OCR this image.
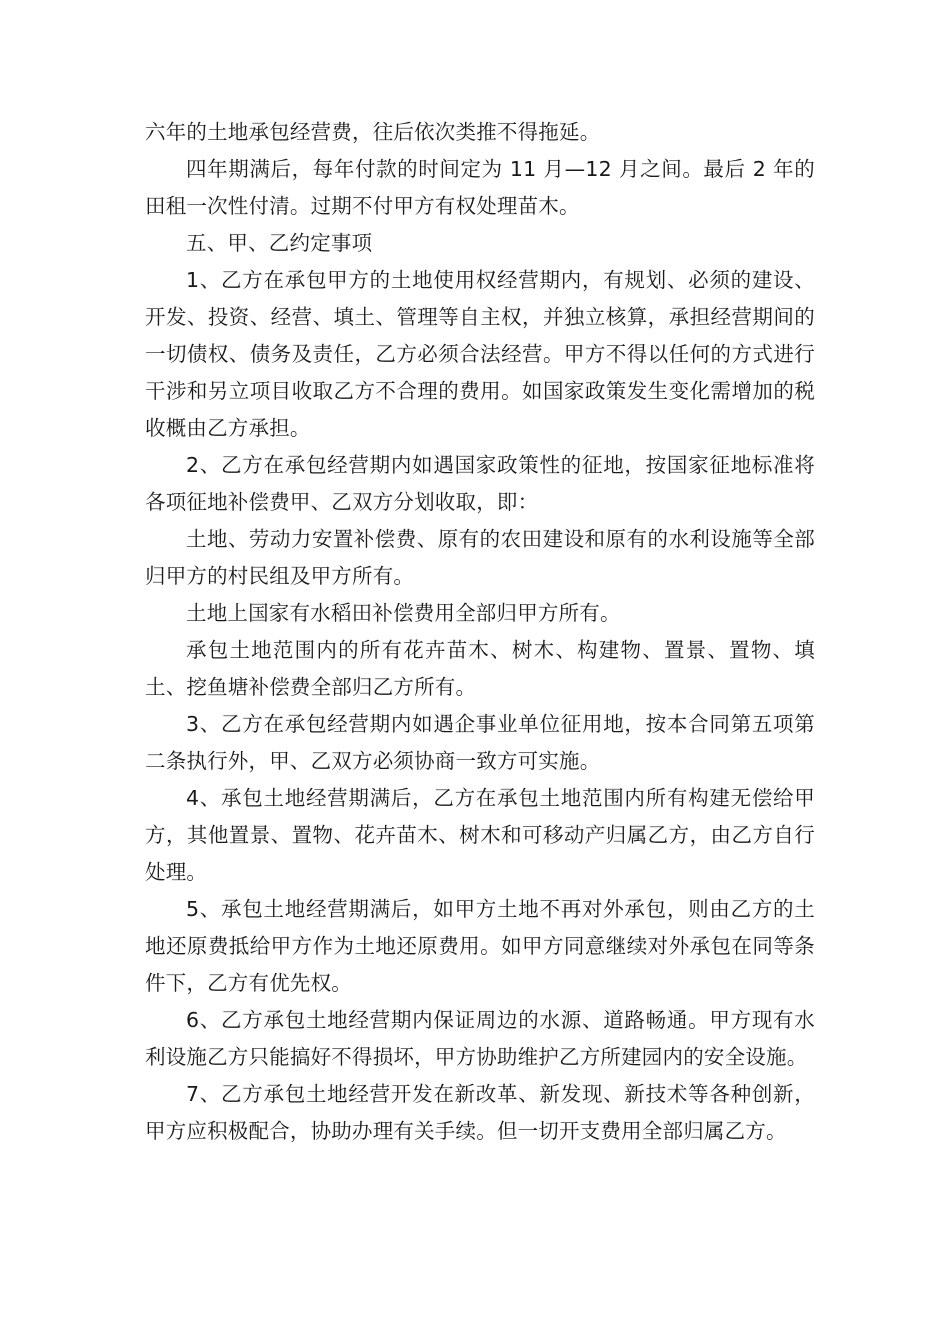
六年的土地承包经营费，往后依次类推不得拖延。

四年期满后，每年付款的时间定为 11 月—12 月之间。最后 2 年的田租一次性付清。过期不付甲方有权处理苗木。

五、甲、乙约定事项

1、乙方在承包甲方的土地使用权经营期内，有规划、必须的建设、开发、投资、经营、填土、管理等自主权，并独立核算，承担经营期间的一切债权、债务及责任，乙方必须合法经营。甲方不得以任何的方式进行干涉和另立项目收取乙方不合理的费用。如国家政策发生变化需增加的税收概由乙方承担。

2、乙方在承包经营期内如遇国家政策性的征地，按国家征地标准将各项征地补偿费甲、乙双方分划收取，即：

土地、劳动力安置补偿费、原有的农田建设和原有的水利设施等全部归甲方的村民组及甲方所有。

土地上国家有水稻田补偿费用全部归甲方所有。

承包土地范围内的所有花卉苗木、树木、构建物、置景、置物、填土、挖鱼塘补偿费全部归乙方所有。

3、乙方在承包经营期内如遇企事业单位征用地，按本合同第五项第二条执行外，甲、乙双方必须协商一致方可实施。

4、承包土地经营期满后，乙方在承包土地范围内所有构建无偿给甲方，其他置景、置物、花卉苗木、树木和可移动产归属乙方，由乙方自行处理。

5、承包土地经营期满后，如甲方土地不再对外承包，则由乙方的土地还原费抵给甲方作为土地还原费用。如甲方同意继续对外承包在同等条件下，乙方有优先权。

6、乙方承包土地经营期内保证周边的水源、道路畅通。甲方现有水利设施乙方只能搞好不得损坏，甲方协助维护乙方所建园内的安全设施。

7、乙方承包土地经营开发在新改革、新发现、新技术等各种创新，甲方应积极配合，协助办理有关手续。但一切开支费用全部归属乙方。
